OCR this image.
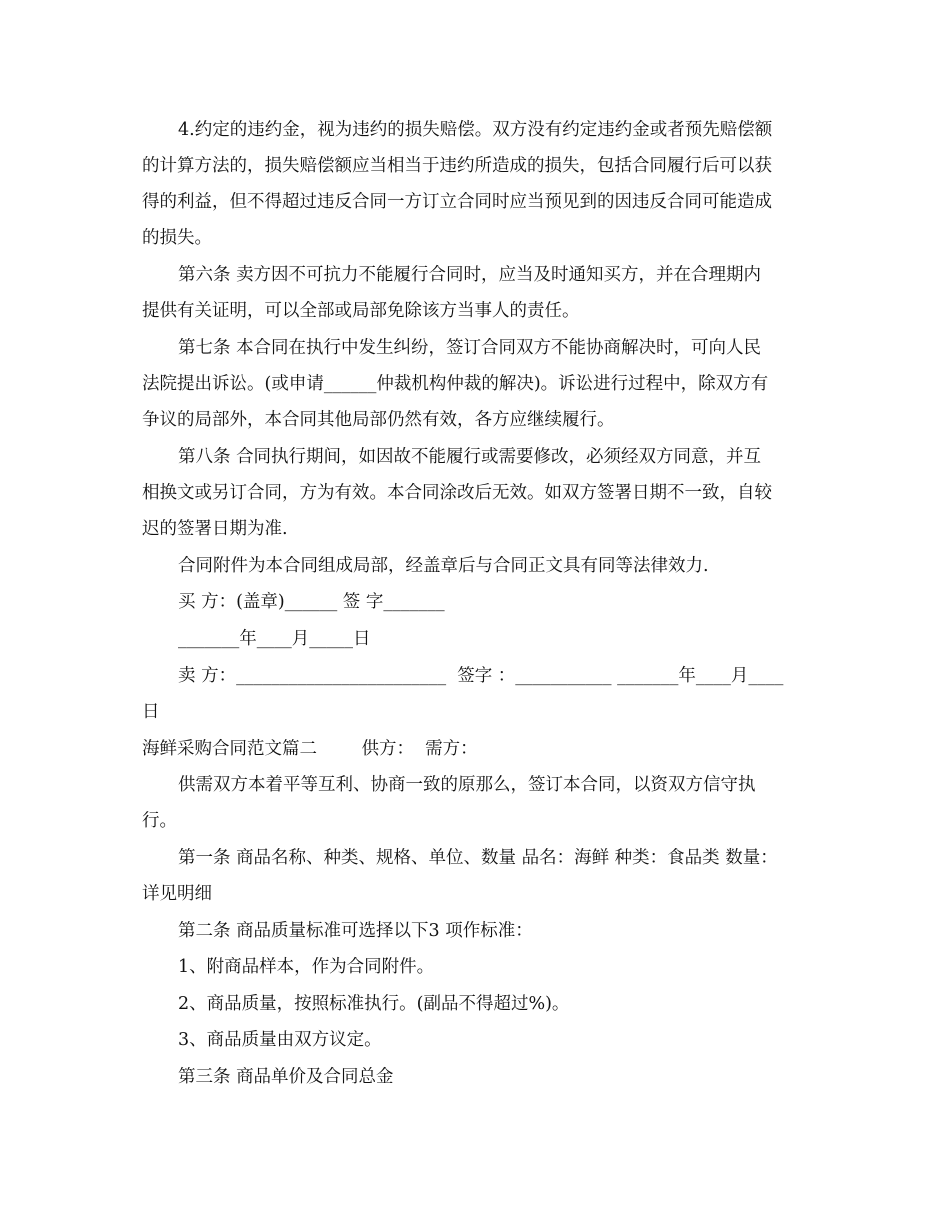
4.约定的违约金，视为违约的损失赔偿。双方没有约定违约金或者预先赔偿额
的计算方法的，损失赔偿额应当相当于违约所造成的损失，包括合同履行后可以获
得的利益，但不得超过违反合同一方订立合同时应当预见到的因违反合同可能造成
的损失。
第六条 卖方因不可抗力不能履行合同时，应当及时通知买方，并在合理期内
提供有关证明，可以全部或局部免除该方当事人的责任。
第七条 本合同在执行中发生纠纷，签订合同双方不能协商解决时，可向人民
法院提出诉讼。(或申请______仲裁机构仲裁的解决)。诉讼进行过程中，除双方有
争议的局部外，本合同其他局部仍然有效，各方应继续履行。
第八条 合同执行期间，如因故不能履行或需要修改，必须经双方同意，并互
相换文或另订合同，方为有效。本合同涂改后无效。如双方签署日期不一致，自较
迟的签署日期为准.
合同附件为本合同组成局部，经盖章后与合同正文具有同等法律效力.
买 方：(盖章)______ 签 字_______
_______年____月_____日
卖 方：________________________  签字 ：___________ _______年____月____
日
海鲜采购合同范文篇二        供方：  需方：
供需双方本着平等互利、协商一致的原那么，签订本合同，以资双方信守执
行。
第一条 商品名称、种类、规格、单位、数量 品名：海鲜 种类：食品类 数量：
详见明细
第二条 商品质量标准可选择以下3 项作标准：
1、附商品样本，作为合同附件。
2、商品质量，按照标准执行。(副品不得超过%)。
3、商品质量由双方议定。
第三条 商品单价及合同总金
